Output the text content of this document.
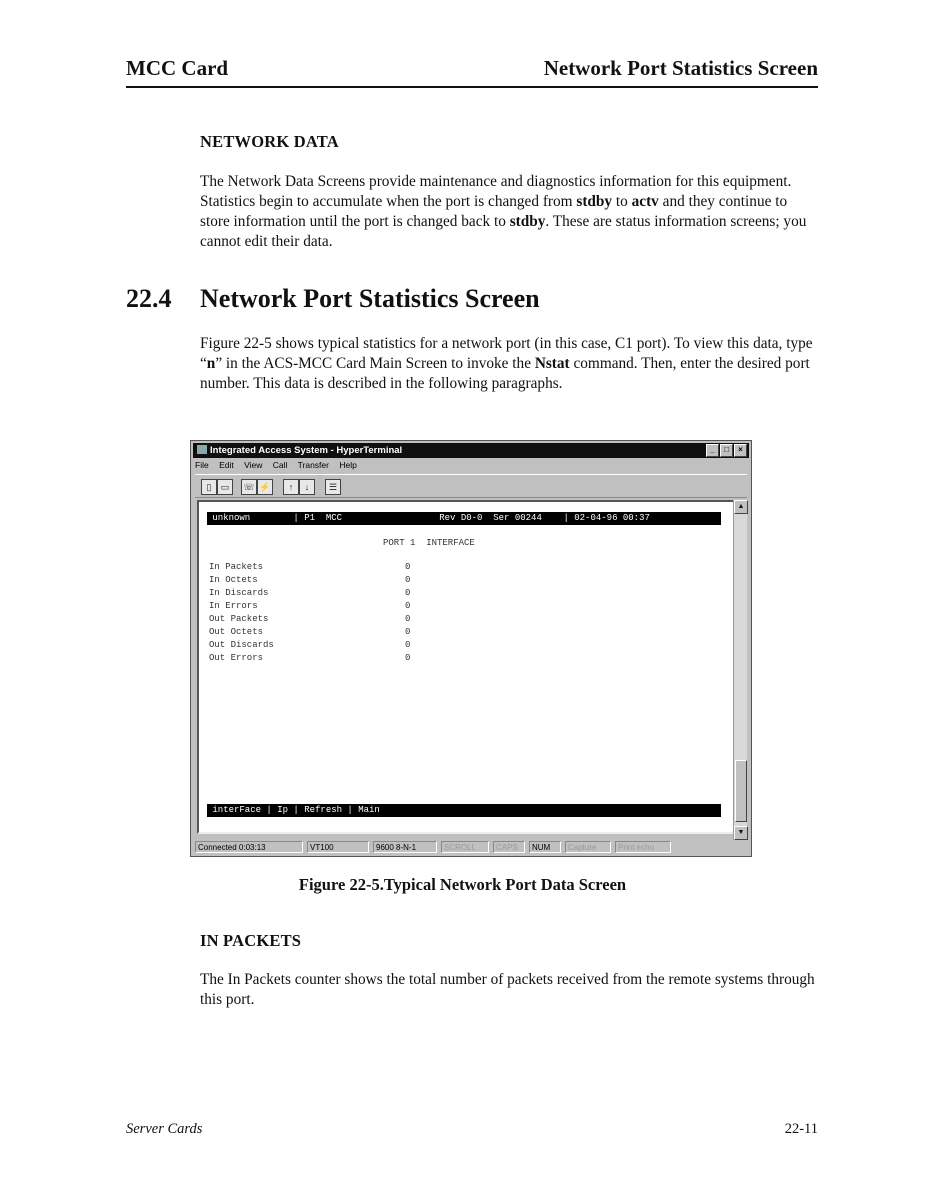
MCC Card	Network Port Statistics Screen
NETWORK DATA
The Network Data Screens provide maintenance and diagnostics information for this equipment. Statistics begin to accumulate when the port is changed from stdby to actv and they continue to store information until the port is changed back to stdby. These are status information screens; you cannot edit their data.
22.4 Network Port Statistics Screen
Figure 22-5 shows typical statistics for a network port (in this case, C1 port). To view this data, type “n” in the ACS-MCC Card Main Screen to invoke the Nstat command. Then, enter the desired port number. This data is described in the following paragraphs.
Integrated Access System - HyperTerminal	_ □ ×
File Edit View Call Transfer Help
▯	▭	☏ ⚡	↑	↓	☰
unknown        | P1  MCC                  Rev D0-0  Ser 00244    | 02-04-96 00:37
PORT 1  INTERFACE
In Packets	0
In Octets	0
In Discards	0
In Errors	0
Out Packets	0
Out Octets	0
Out Discards	0
Out Errors	0
interFace | Ip | Refresh | Main
▲
▼
Connected 0:03:13	VT100	9600 8-N-1	SCROLL	CAPS	NUM	Capture	Print echo
Figure 22-5.Typical Network Port Data Screen
IN PACKETS
The In Packets counter shows the total number of packets received from the remote systems through this port.
Server Cards	22-11
